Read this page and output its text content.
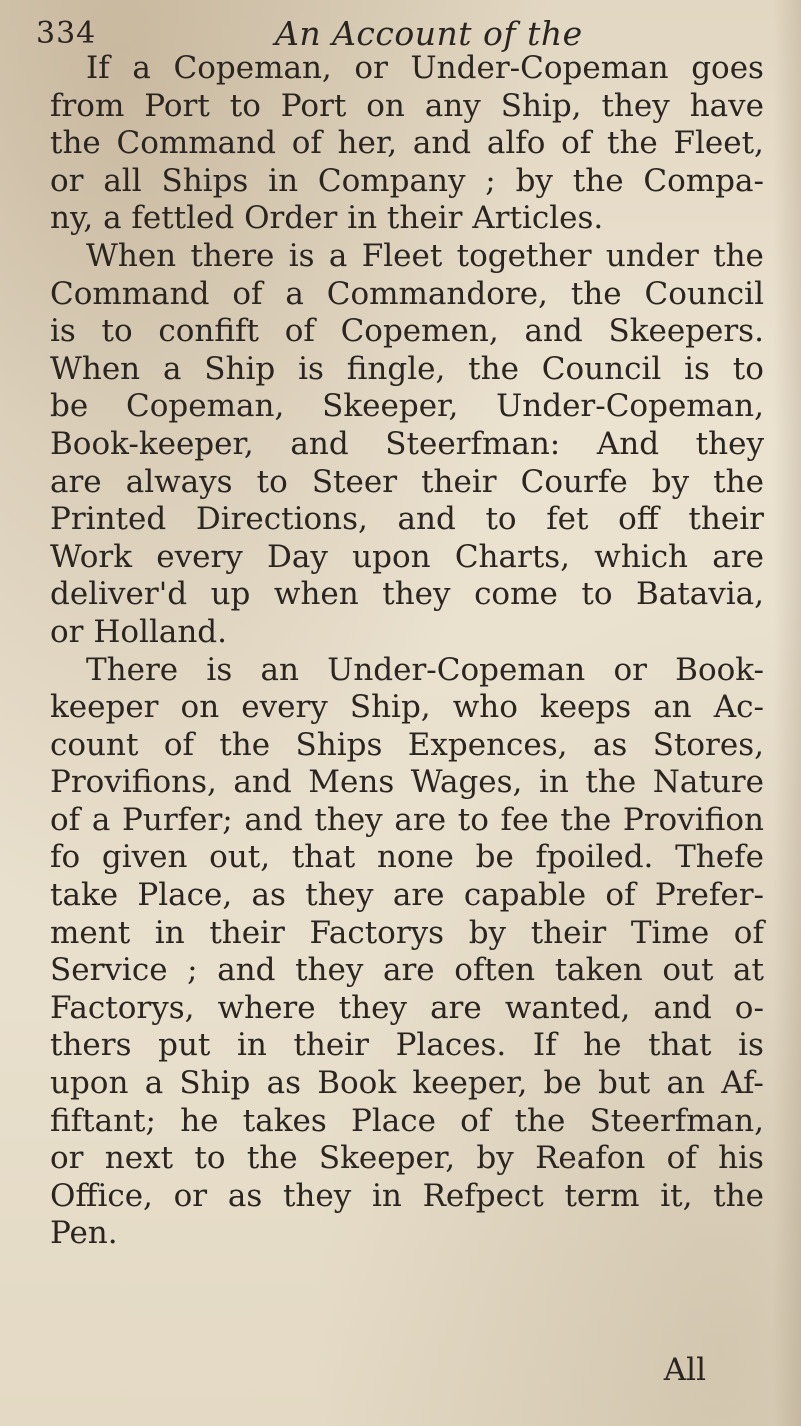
334	An Account of the
If a Copeman, or Under-Copeman goes
from Port to Port on any Ship, they have
the Command of her, and alfo of the Fleet,
or all Ships in Company ; by the Compa-
ny, a fettled Order in their Articles.
When there is a Fleet together under the
Command of a Commandore, the Council
is to confift of Copemen, and Skeepers.
When a Ship is fingle, the Council is to
be Copeman, Skeeper, Under-Copeman,
Book-keeper, and Steerfman: And they
are always to Steer their Courfe by the
Printed Directions, and to fet off their
Work every Day upon Charts, which are
deliver'd up when they come to Batavia,
or Holland.
There is an Under-Copeman or Book-
keeper on every Ship, who keeps an Ac-
count of the Ships Expences, as Stores,
Provifions, and Mens Wages, in the Nature
of a Purfer; and they are to fee the Provifion
fo given out, that none be fpoiled. Thefe
take Place, as they are capable of Prefer-
ment in their Factorys by their Time of
Service ; and they are often taken out at
Factorys, where they are wanted, and o-
thers put in their Places. If he that is
upon a Ship as Book keeper, be but an Af-
fiftant; he takes Place of the Steerfman,
or next to the Skeeper, by Reafon of his
Office, or as they in Refpect term it, the
Pen.
All
